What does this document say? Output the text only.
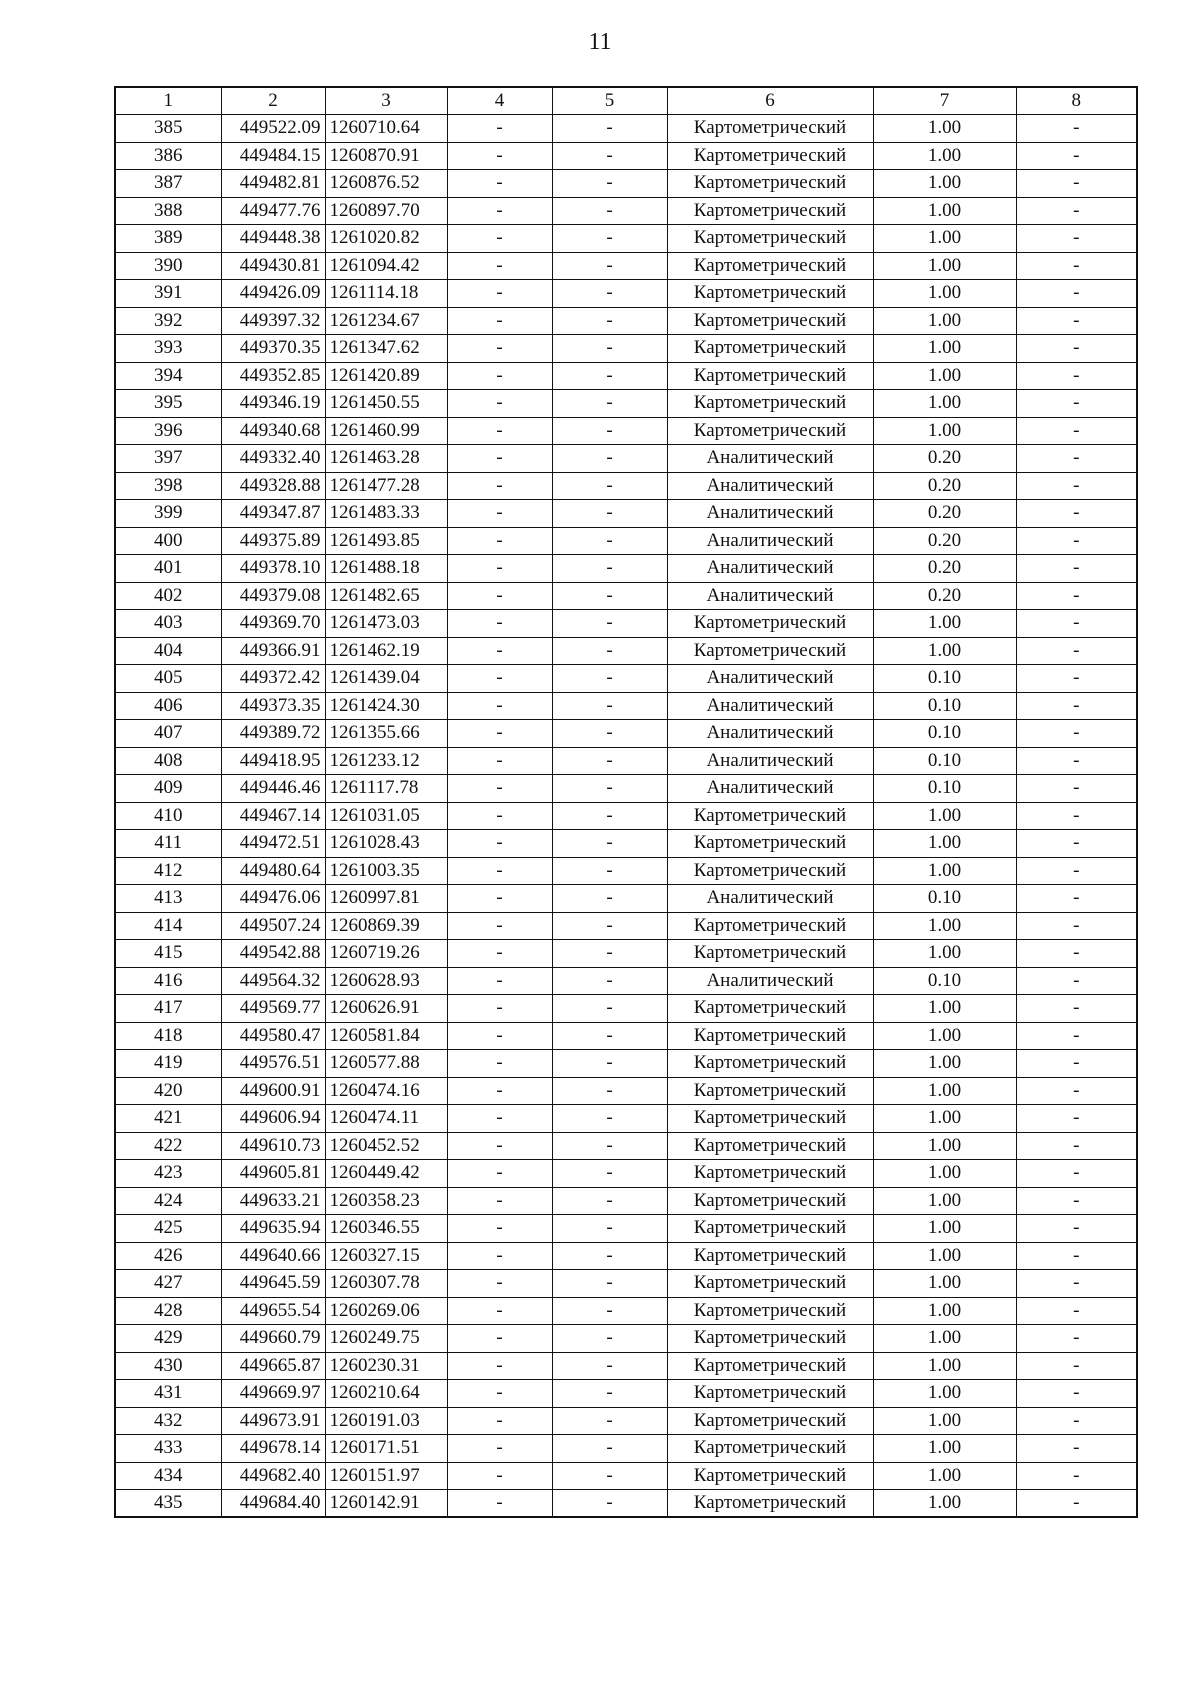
11
1	2	3	4	5	6	7	8
385	449522.09	1260710.64	-	-	Картометрический	1.00	-
386	449484.15	1260870.91	-	-	Картометрический	1.00	-
387	449482.81	1260876.52	-	-	Картометрический	1.00	-
388	449477.76	1260897.70	-	-	Картометрический	1.00	-
389	449448.38	1261020.82	-	-	Картометрический	1.00	-
390	449430.81	1261094.42	-	-	Картометрический	1.00	-
391	449426.09	1261114.18	-	-	Картометрический	1.00	-
392	449397.32	1261234.67	-	-	Картометрический	1.00	-
393	449370.35	1261347.62	-	-	Картометрический	1.00	-
394	449352.85	1261420.89	-	-	Картометрический	1.00	-
395	449346.19	1261450.55	-	-	Картометрический	1.00	-
396	449340.68	1261460.99	-	-	Картометрический	1.00	-
397	449332.40	1261463.28	-	-	Аналитический	0.20	-
398	449328.88	1261477.28	-	-	Аналитический	0.20	-
399	449347.87	1261483.33	-	-	Аналитический	0.20	-
400	449375.89	1261493.85	-	-	Аналитический	0.20	-
401	449378.10	1261488.18	-	-	Аналитический	0.20	-
402	449379.08	1261482.65	-	-	Аналитический	0.20	-
403	449369.70	1261473.03	-	-	Картометрический	1.00	-
404	449366.91	1261462.19	-	-	Картометрический	1.00	-
405	449372.42	1261439.04	-	-	Аналитический	0.10	-
406	449373.35	1261424.30	-	-	Аналитический	0.10	-
407	449389.72	1261355.66	-	-	Аналитический	0.10	-
408	449418.95	1261233.12	-	-	Аналитический	0.10	-
409	449446.46	1261117.78	-	-	Аналитический	0.10	-
410	449467.14	1261031.05	-	-	Картометрический	1.00	-
411	449472.51	1261028.43	-	-	Картометрический	1.00	-
412	449480.64	1261003.35	-	-	Картометрический	1.00	-
413	449476.06	1260997.81	-	-	Аналитический	0.10	-
414	449507.24	1260869.39	-	-	Картометрический	1.00	-
415	449542.88	1260719.26	-	-	Картометрический	1.00	-
416	449564.32	1260628.93	-	-	Аналитический	0.10	-
417	449569.77	1260626.91	-	-	Картометрический	1.00	-
418	449580.47	1260581.84	-	-	Картометрический	1.00	-
419	449576.51	1260577.88	-	-	Картометрический	1.00	-
420	449600.91	1260474.16	-	-	Картометрический	1.00	-
421	449606.94	1260474.11	-	-	Картометрический	1.00	-
422	449610.73	1260452.52	-	-	Картометрический	1.00	-
423	449605.81	1260449.42	-	-	Картометрический	1.00	-
424	449633.21	1260358.23	-	-	Картометрический	1.00	-
425	449635.94	1260346.55	-	-	Картометрический	1.00	-
426	449640.66	1260327.15	-	-	Картометрический	1.00	-
427	449645.59	1260307.78	-	-	Картометрический	1.00	-
428	449655.54	1260269.06	-	-	Картометрический	1.00	-
429	449660.79	1260249.75	-	-	Картометрический	1.00	-
430	449665.87	1260230.31	-	-	Картометрический	1.00	-
431	449669.97	1260210.64	-	-	Картометрический	1.00	-
432	449673.91	1260191.03	-	-	Картометрический	1.00	-
433	449678.14	1260171.51	-	-	Картометрический	1.00	-
434	449682.40	1260151.97	-	-	Картометрический	1.00	-
435	449684.40	1260142.91	-	-	Картометрический	1.00	-
